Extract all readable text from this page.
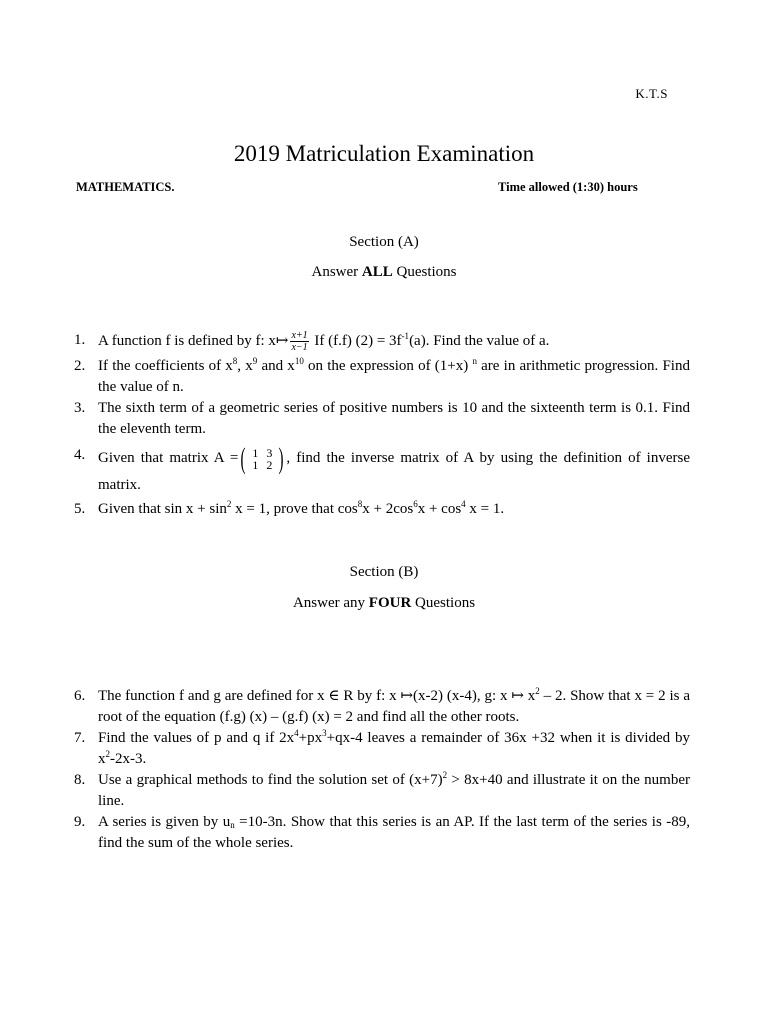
K.T.S
2019 Matriculation Examination
MATHEMATICS.	Time allowed (1:30) hours
Section (A)
Answer ALL Questions
1. A function f is defined by f: x↦ $\frac{x+1}{x-1}$ If (f.f) $(2) = 3f^{-1}(a)$. Find the value of a.
2. If the coefficients of $x^8$, $x^9$ and $x^{10}$ on the expression of (1+x) $^n$ are in arithmetic progression. Find the value of n.
3. The sixth term of a geometric series of positive numbers is 10 and the sixteenth term is 0.1. Find the eleventh term.
4. Given that matrix A = ( 1	3
1	2 ) , find the inverse matrix of A by using the definition of inverse matrix.
5. Given that $\sin x + \sin^2 x = 1$, prove that $\cos^8x + 2\cos^6x + \cos^4 x = 1$.
Section (B)
Answer any FOUR Questions
6. The function f and g are defined for x ∈ R by f: x ↦(x-2) (x-4), g: x ↦ $x^2 - 2$. Show that x = 2 is a root of the equation (f.g) (x) – (g.f) (x) = 2 and find all the other roots.
7. Find the values of p and q if $2x^4+px^3+qx-4$ leaves a remainder of 36x +32 when it is divided by $x^2-2x-3$.
8. Use a graphical methods to find the solution set of $(x+7)^2 > 8x+40$ and illustrate it on the number line.
9. A series is given by $u_n =10-3n$. Show that this series is an AP. If the last term of the series is -89, find the sum of the whole series.
